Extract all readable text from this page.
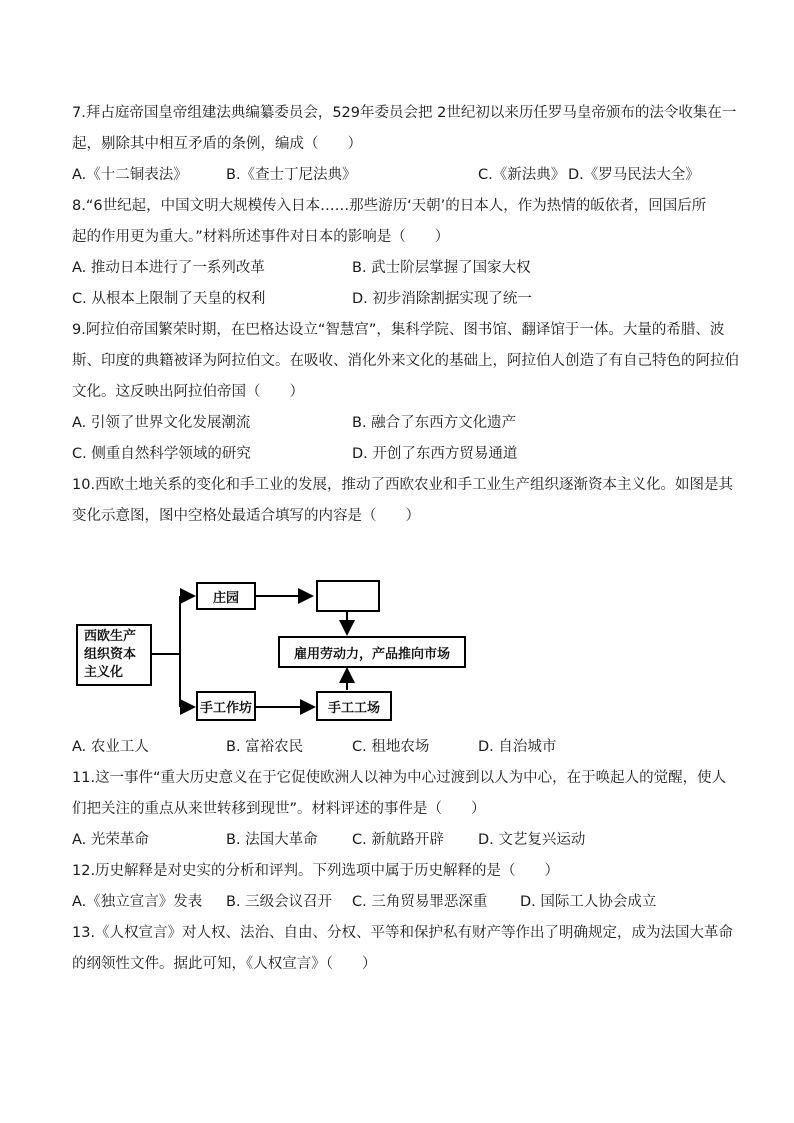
7.拜占庭帝国皇帝组建法典编纂委员会，529年委员会把 2世纪初以来历任罗马皇帝颁布的法令收集在一
起，剔除其中相互矛盾的条例，编成（　　）
A.《十二铜表法》	B.《查士丁尼法典》	C.《新法典》 D.《罗马民法大全》
8.“6世纪起，中国文明大规模传入日本……那些游历‘天朝’的日本人，作为热情的皈依者，回国后所
起的作用更为重大。”材料所述事件对日本的影响是（　　）
A. 推动日本进行了一系列改革	B. 武士阶层掌握了国家大权
C. 从根本上限制了天皇的权利	D. 初步消除割据实现了统一
9.阿拉伯帝国繁荣时期，在巴格达设立“智慧宫”，集科学院、图书馆、翻译馆于一体。大量的希腊、波
斯、印度的典籍被译为阿拉伯文。在吸收、消化外来文化的基础上，阿拉伯人创造了有自己特色的阿拉伯
文化。这反映出阿拉伯帝国（　　）
A. 引领了世界文化发展潮流	B. 融合了东西方文化遗产
C. 侧重自然科学领域的研究	D. 开创了东西方贸易通道
10.西欧土地关系的变化和手工业的发展，推动了西欧农业和手工业生产组织逐渐资本主义化。如图是其
变化示意图，图中空格处最适合填写的内容是（　　）
西欧生产
组织资本
主义化
庄园
雇用劳动力，产品推向市场
手工作坊	手工工场
A. 农业工人	B. 富裕农民	C. 租地农场	D. 自治城市
11.这一事件“重大历史意义在于它促使欧洲人以神为中心过渡到以人为中心，在于唤起人的觉醒，使人
们把关注的重点从来世转移到现世”。材料评述的事件是（　　）
A. 光荣革命	B. 法国大革命 C. 新航路开辟 D. 文艺复兴运动
12.历史解释是对史实的分析和评判。下列选项中属于历史解释的是（　　）
A.《独立宣言》发表 B. 三级会议召开 C. 三角贸易罪恶深重 D. 国际工人协会成立
13.《人权宣言》对人权、法治、自由、分权、平等和保护私有财产等作出了明确规定，成为法国大革命
的纲领性文件。据此可知，《人权宣言》（　　）
